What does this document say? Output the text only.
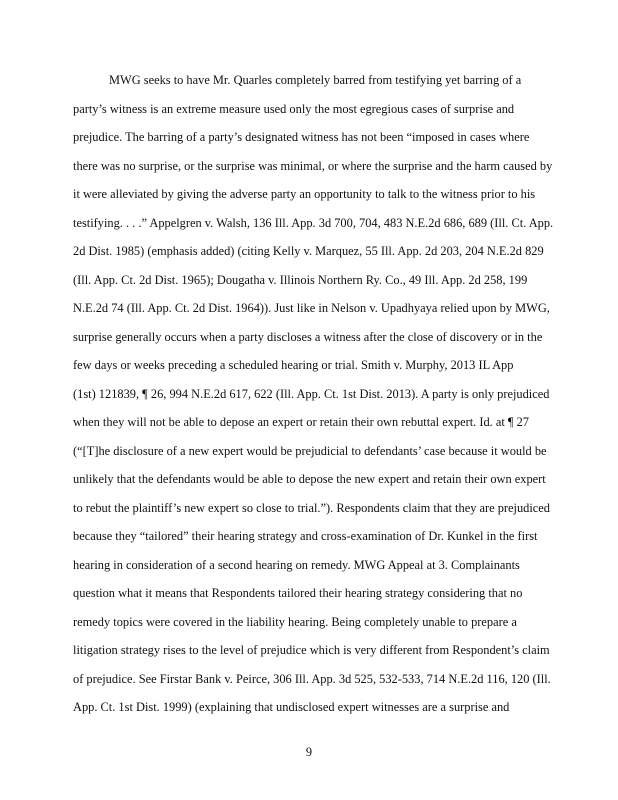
MWG seeks to have Mr. Quarles completely barred from testifying yet barring of a
party’s witness is an extreme measure used only the most egregious cases of surprise and
prejudice. The barring of a party’s designated witness has not been “imposed in cases where
there was no surprise, or the surprise was minimal, or where the surprise and the harm caused by
it were alleviated by giving the adverse party an opportunity to talk to the witness prior to his
testifying. . . .” Appelgren v. Walsh, 136 Ill. App. 3d 700, 704, 483 N.E.2d 686, 689 (Ill. Ct. App.
2d Dist. 1985) (emphasis added) (citing Kelly v. Marquez, 55 Ill. App. 2d 203, 204 N.E.2d 829
(Ill. App. Ct. 2d Dist. 1965); Dougatha v. Illinois Northern Ry. Co., 49 Ill. App. 2d 258, 199
N.E.2d 74 (Ill. App. Ct. 2d Dist. 1964)). Just like in Nelson v. Upadhyaya relied upon by MWG,
surprise generally occurs when a party discloses a witness after the close of discovery or in the
few days or weeks preceding a scheduled hearing or trial. Smith v. Murphy, 2013 IL App
(1st) 121839, ¶ 26, 994 N.E.2d 617, 622 (Ill. App. Ct. 1st Dist. 2013). A party is only prejudiced
when they will not be able to depose an expert or retain their own rebuttal expert. Id. at ¶ 27
(“[T]he disclosure of a new expert would be prejudicial to defendants’ case because it would be
unlikely that the defendants would be able to depose the new expert and retain their own expert
to rebut the plaintiff’s new expert so close to trial.”). Respondents claim that they are prejudiced
because they “tailored” their hearing strategy and cross-examination of Dr. Kunkel in the first
hearing in consideration of a second hearing on remedy. MWG Appeal at 3. Complainants
question what it means that Respondents tailored their hearing strategy considering that no
remedy topics were covered in the liability hearing. Being completely unable to prepare a
litigation strategy rises to the level of prejudice which is very different from Respondent’s claim
of prejudice. See Firstar Bank v. Peirce, 306 Ill. App. 3d 525, 532-533, 714 N.E.2d 116, 120 (Ill.
App. Ct. 1st Dist. 1999) (explaining that undisclosed expert witnesses are a surprise and
9
